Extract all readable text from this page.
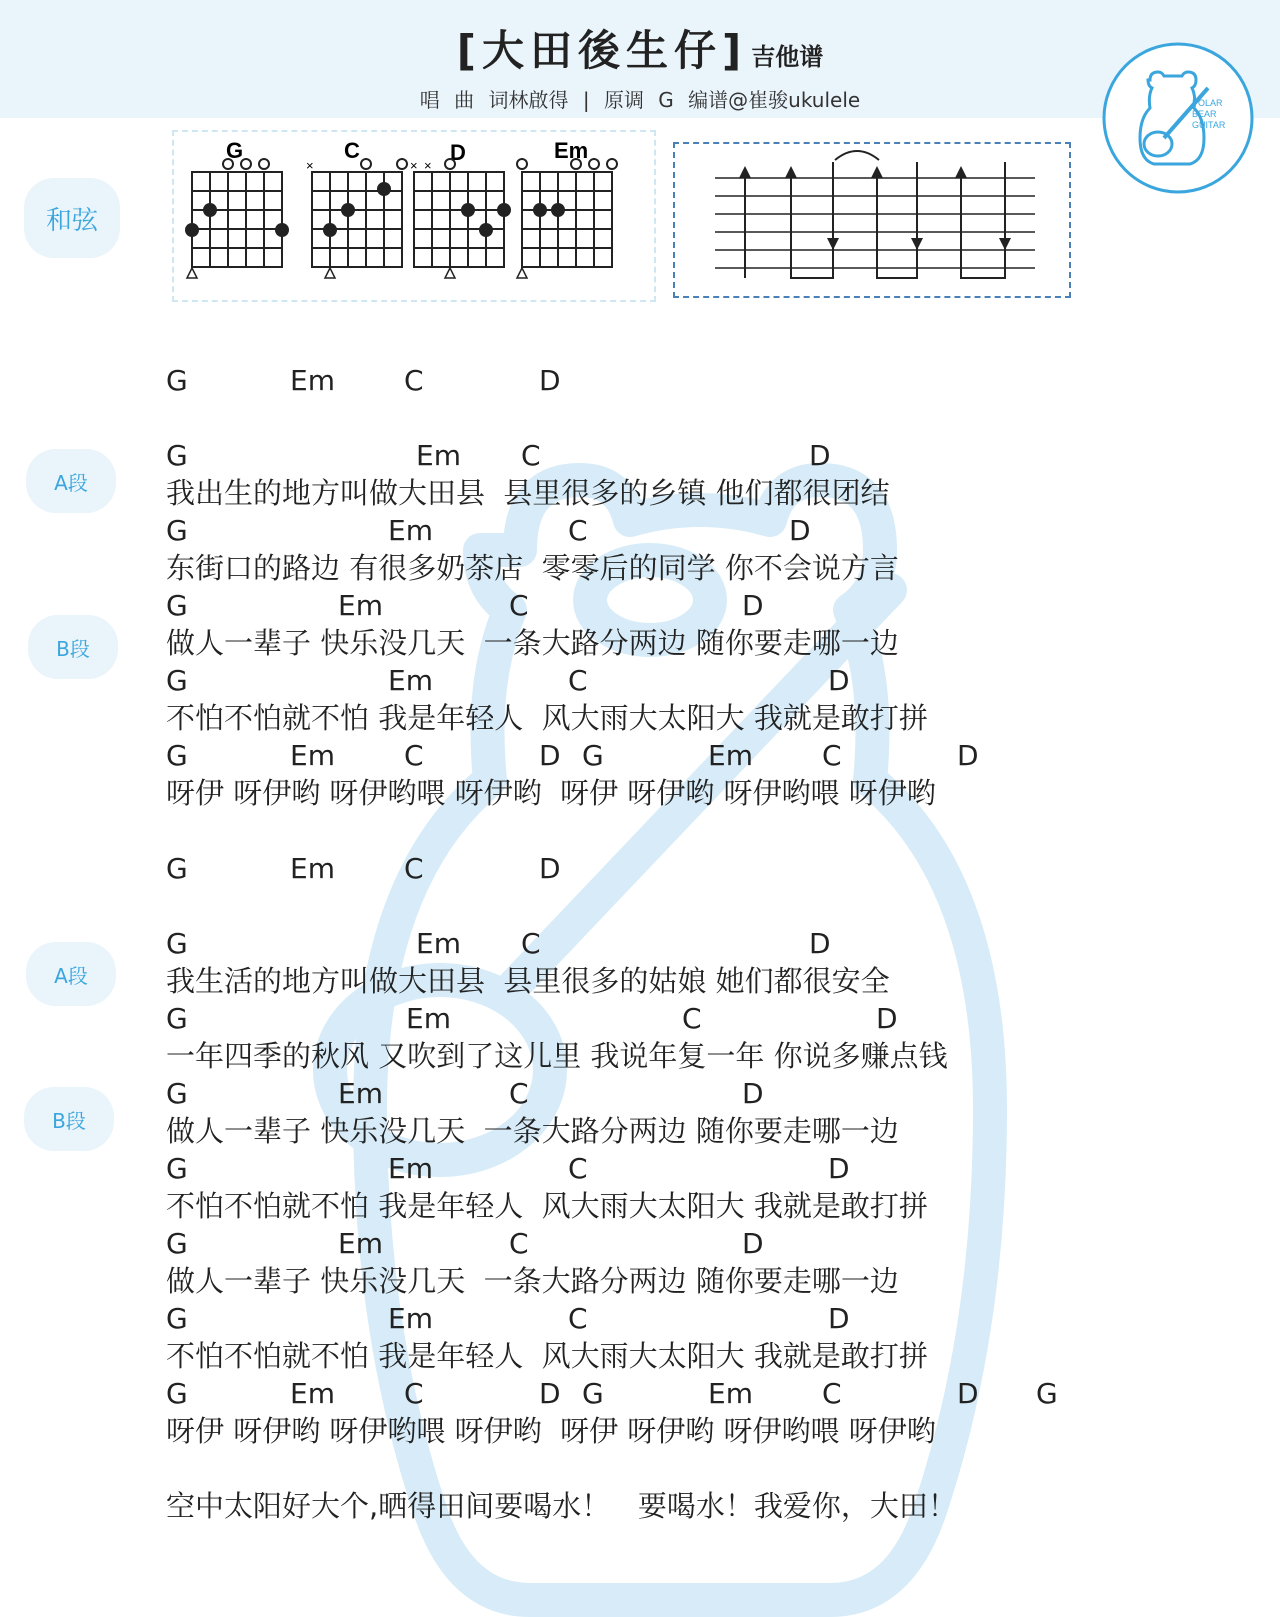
[大田後生仔] 吉他谱
唱 曲 词林啟得 | 原调 G 编谱@崔骏ukulele	POLAR
BEAR
GUITAR
和弦
A段
B段
A段
B段
G	C
×
D
× ×
Em
G	Em C	D
G	Em C	D
我出生的地方叫做大田县  县里很多的乡镇 他们都很团结
G	Em	C	D
东街口的路边 有很多奶茶店  零零后的同学 你不会说方言
G	Em	C	D
做人一辈子 快乐没几天  一条大路分两边 随你要走哪一边
G	Em	C	D
不怕不怕就不怕 我是年轻人  风大雨大太阳大 我就是敢打拼
G	Em C	D G	Em C	D
呀伊 呀伊哟 呀伊哟喂 呀伊哟  呀伊 呀伊哟 呀伊哟喂 呀伊哟
G	Em C	D
G	Em C	D
我生活的地方叫做大田县  县里很多的姑娘 她们都很安全
G	Em	C	D
一年四季的秋风 又吹到了这儿里 我说年复一年 你说多赚点钱
G	Em	C	D
做人一辈子 快乐没几天  一条大路分两边 随你要走哪一边
G	Em	C	D
不怕不怕就不怕 我是年轻人  风大雨大太阳大 我就是敢打拼
G	Em	C	D
做人一辈子 快乐没几天  一条大路分两边 随你要走哪一边
G	Em	C	D
不怕不怕就不怕 我是年轻人  风大雨大太阳大 我就是敢打拼
G	Em C	D G	Em C	D G
呀伊 呀伊哟 呀伊哟喂 呀伊哟  呀伊 呀伊哟 呀伊哟喂 呀伊哟
空中太阳好大个,晒得田间要喝水！   要喝水！我爱你，大田！
